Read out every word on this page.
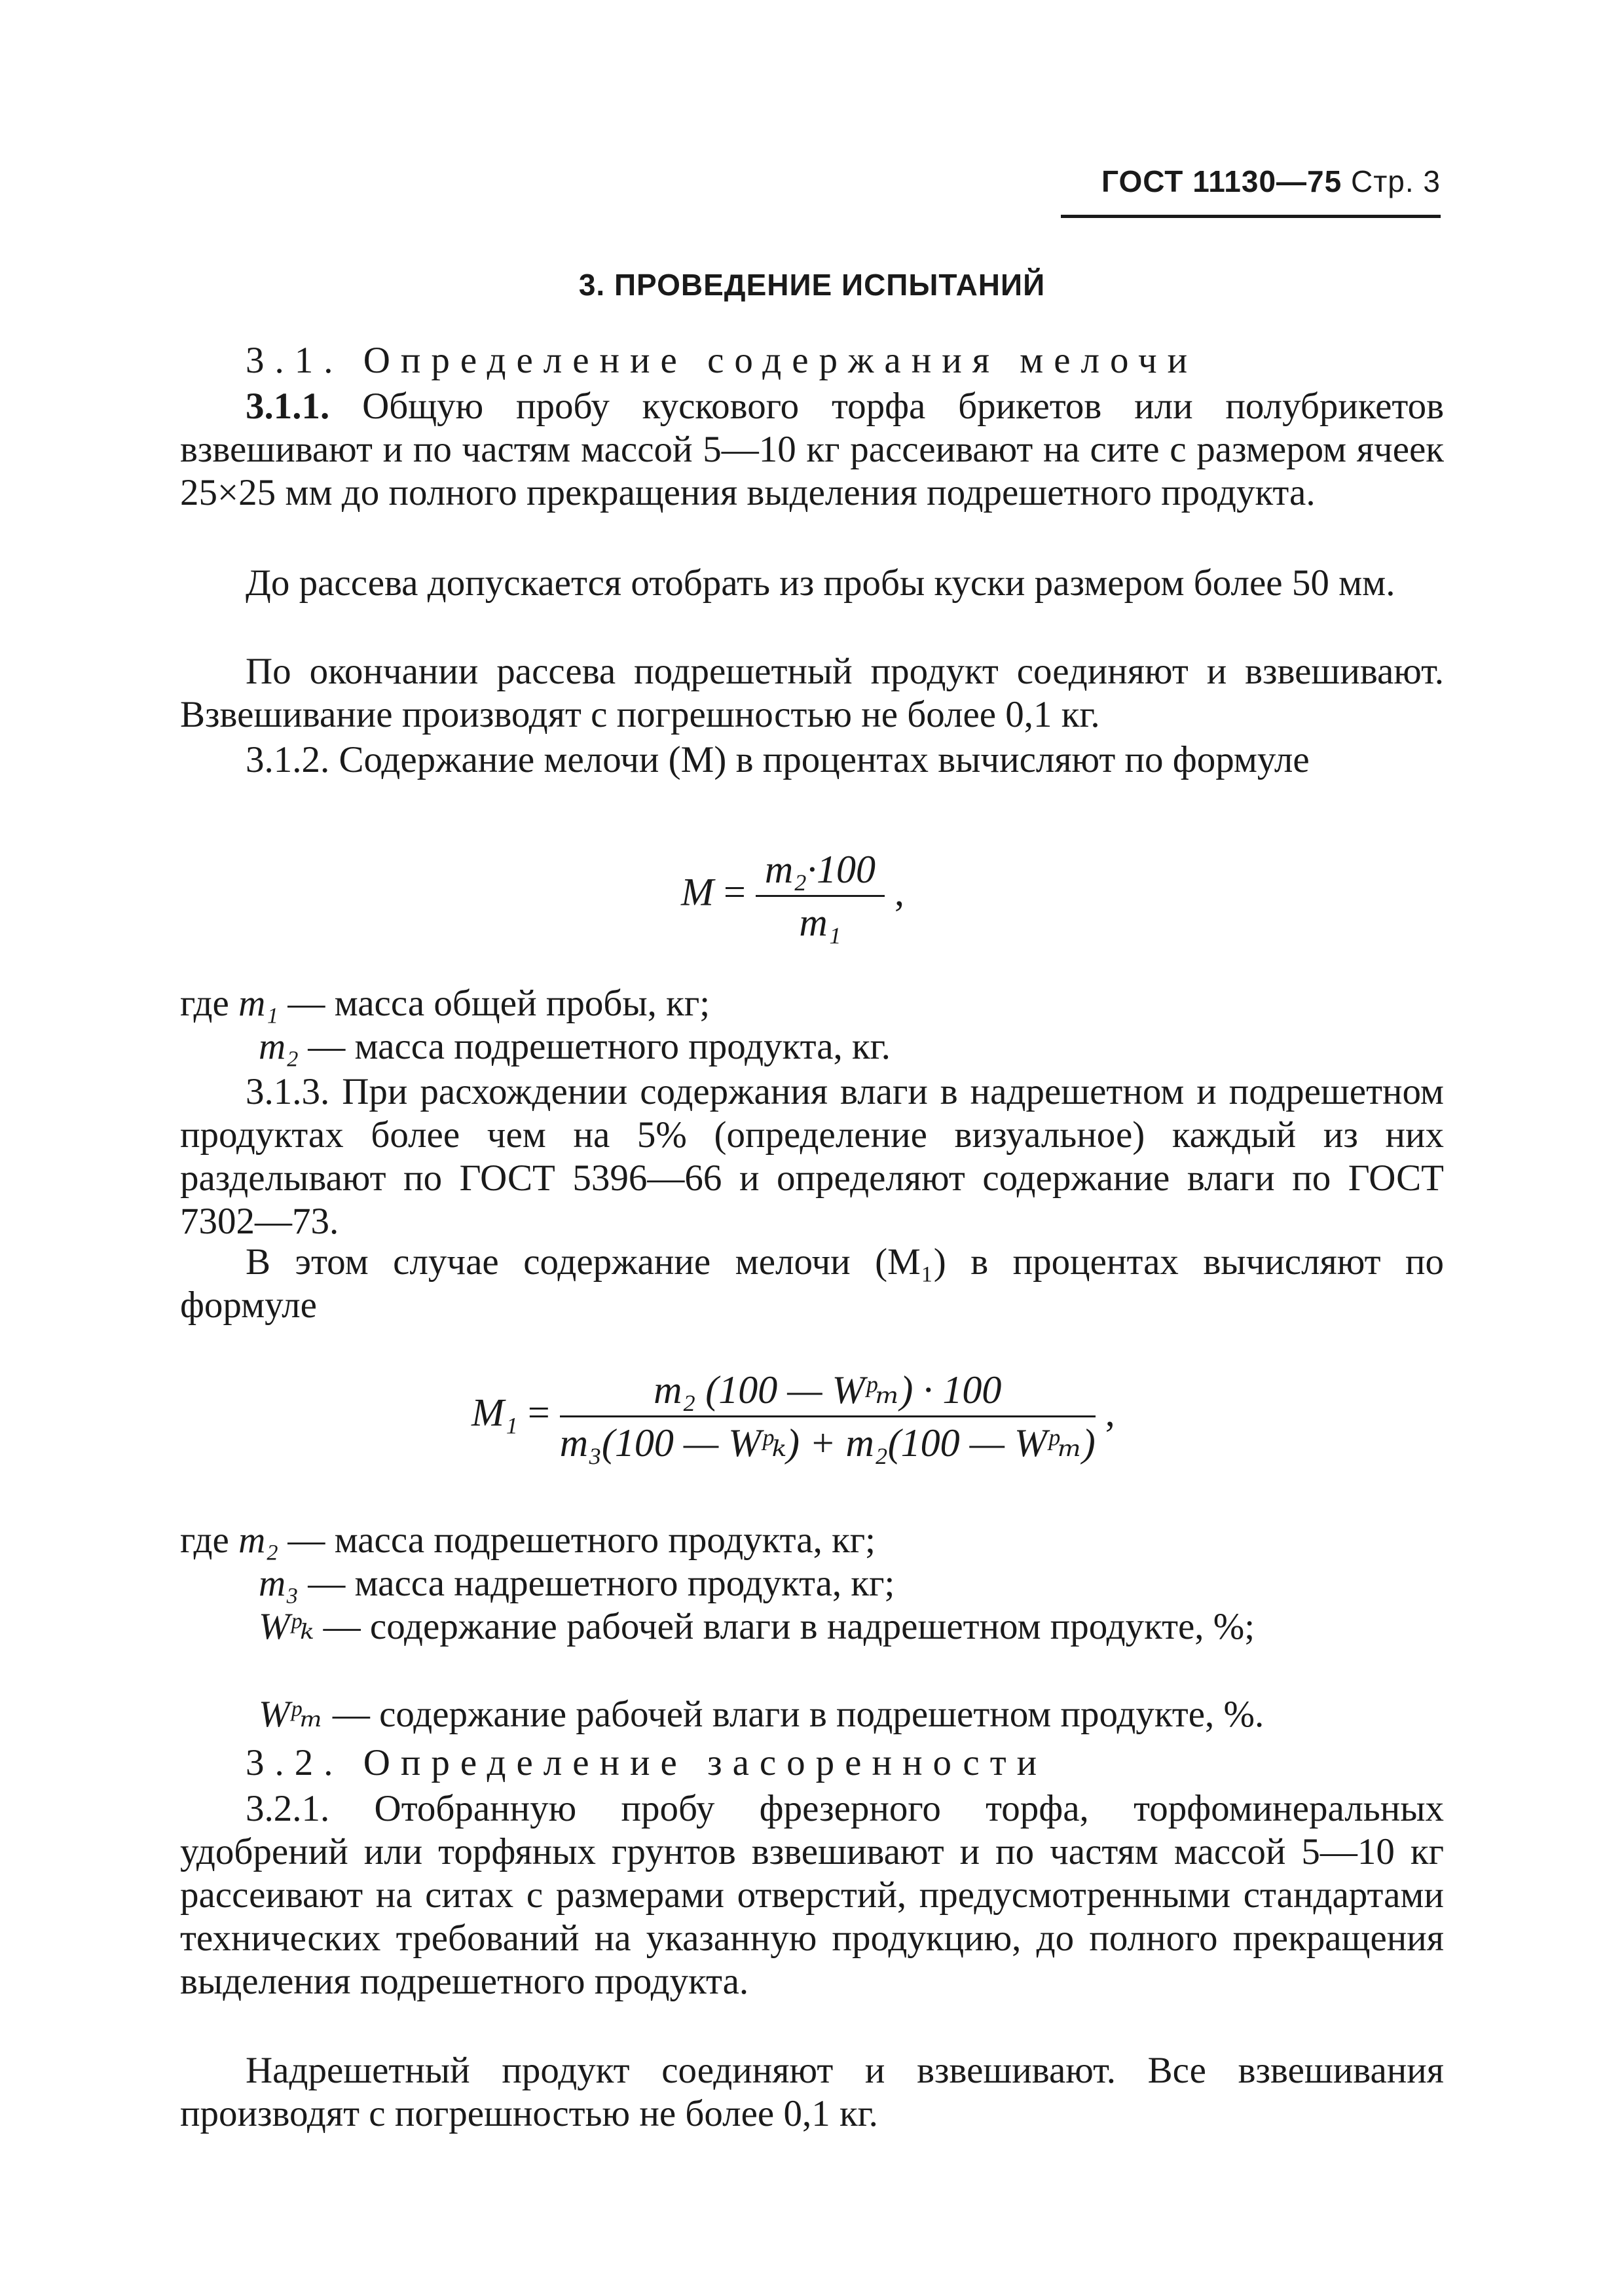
ГОСТ 11130—75 Стр. 3
3. ПРОВЕДЕНИЕ ИСПЫТАНИЙ

3.1. Определение содержания мелочи

3.1.1. Общую пробу кускового торфа брикетов или полубрикетов взвешивают и по частям массой 5—10 кг рассеивают на сите с размером ячеек 25×25 мм до полного прекращения выделения подрешетного продукта.

До рассева допускается отобрать из пробы куски размером более 50 мм.

По окончании рассева подрешетный продукт соединяют и взвешивают. Взвешивание производят с погрешностью не более 0,1 кг.

3.1.2. Содержание мелочи (M) в процентах вычисляют по формуле

$M = \frac{\text{m₂·100}}{\text{m₁}}$ ,

где m₁ — масса общей пробы, кг;

m₂ — масса подрешетного продукта, кг.

3.1.3. При расхождении содержания влаги в надрешетном и подрешетном продуктах более чем на 5% (определение визуальное) каждый из них разделывают по ГОСТ 5396—66 и определяют содержание влаги по ГОСТ 7302—73.

В этом случае содержание мелочи (M₁) в процентах вычисляют по формуле

$M_1 = \frac{\text{m₂ (100 — Wᵖₘ) · 100}}{\text{m₃(100 — Wᵖₖ) + m₂(100 — Wᵖₘ)}}$ ,

где m₂ — масса подрешетного продукта, кг;

m₃ — масса надрешетного продукта, кг;

Wᵖₖ — содержание рабочей влаги в надрешетном продукте, %;

Wᵖₘ — содержание рабочей влаги в подрешетном продукте, %.

3.2. Определение засоренности

3.2.1. Отобранную пробу фрезерного торфа, торфоминеральных удобрений или торфяных грунтов взвешивают и по частям массой 5—10 кг рассеивают на ситах с размерами отверстий, предусмотренными стандартами технических требований на указанную продукцию, до полного прекращения выделения подрешетного продукта.

Надрешетный продукт соединяют и взвешивают. Все взвешивания производят с погрешностью не более 0,1 кг.
